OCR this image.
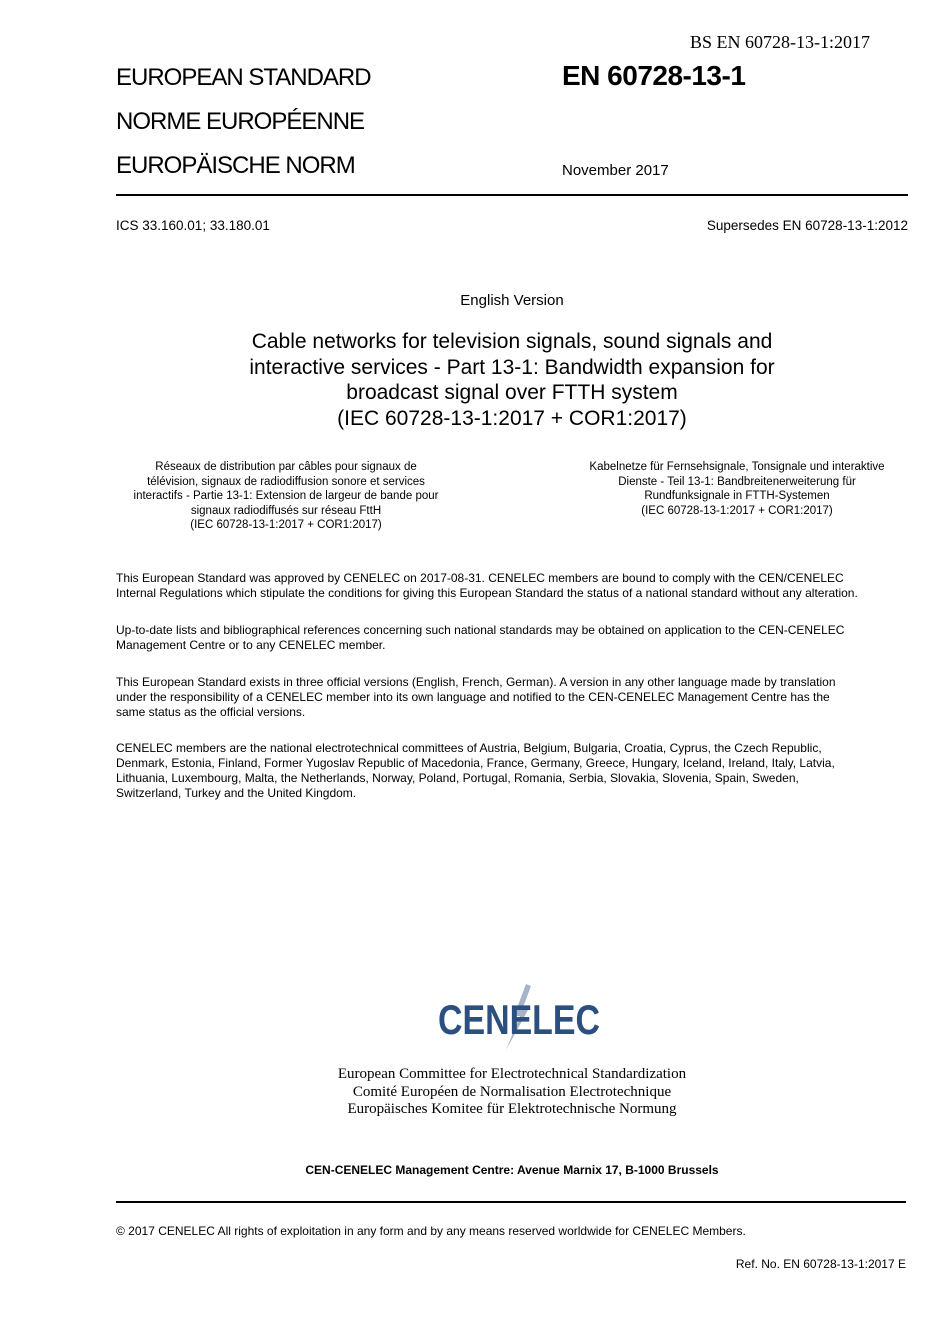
BS EN 60728-13-1:2017
EUROPEAN STANDARD
NORME EUROPÉENNE
EUROPÄISCHE NORM
EN 60728-13-1
November 2017
ICS 33.160.01; 33.180.01	Supersedes EN 60728-13-1:2012
English Version
Cable networks for television signals, sound signals and
interactive services - Part 13-1: Bandwidth expansion for
broadcast signal over FTTH system
(IEC 60728-13-1:2017 + COR1:2017)
Réseaux de distribution par câbles pour signaux de
télévision, signaux de radiodiffusion sonore et services
interactifs - Partie 13-1: Extension de largeur de bande pour
signaux radiodiffusés sur réseau FttH
(IEC 60728-13-1:2017 + COR1:2017)
Kabelnetze für Fernsehsignale, Tonsignale und interaktive
Dienste - Teil 13-1: Bandbreitenerweiterung für
Rundfunksignale in FTTH-Systemen
(IEC 60728-13-1:2017 + COR1:2017)
This European Standard was approved by CENELEC on 2017-08-31. CENELEC members are bound to comply with the CEN/CENELEC
Internal Regulations which stipulate the conditions for giving this European Standard the status of a national standard without any alteration.
Up-to-date lists and bibliographical references concerning such national standards may be obtained on application to the CEN-CENELEC
Management Centre or to any CENELEC member.
This European Standard exists in three official versions (English, French, German). A version in any other language made by translation
under the responsibility of a CENELEC member into its own language and notified to the CEN-CENELEC Management Centre has the
same status as the official versions.
CENELEC members are the national electrotechnical committees of Austria, Belgium, Bulgaria, Croatia, Cyprus, the Czech Republic,
Denmark, Estonia, Finland, Former Yugoslav Republic of Macedonia, France, Germany, Greece, Hungary, Iceland, Ireland, Italy, Latvia,
Lithuania, Luxembourg, Malta, the Netherlands, Norway, Poland, Portugal, Romania, Serbia, Slovakia, Slovenia, Spain, Sweden,
Switzerland, Turkey and the United Kingdom.
CENELEC
European Committee for Electrotechnical Standardization
Comité Européen de Normalisation Electrotechnique
Europäisches Komitee für Elektrotechnische Normung
CEN-CENELEC Management Centre: Avenue Marnix 17, B-1000 Brussels
© 2017 CENELEC All rights of exploitation in any form and by any means reserved worldwide for CENELEC Members.
Ref. No. EN 60728-13-1:2017 E
